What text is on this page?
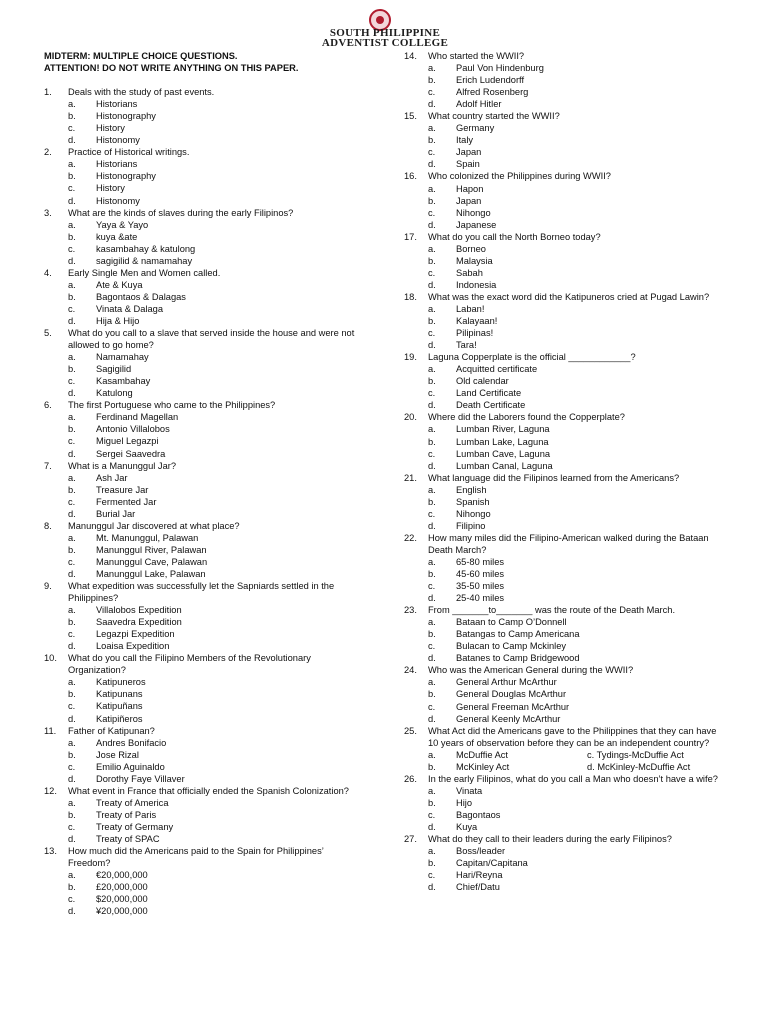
SOUTH PHILIPPINE
ADVENTIST COLLEGE
MIDTERM: MULTIPLE CHOICE QUESTIONS.
ATTENTION! DO NOT WRITE ANYTHING ON THIS PAPER.
1. Deals with the study of past events.
a. Historians
b. Histonography
c. History
d. Histonomy
2. Practice of Historical writings.
a. Historians
b. Histonography
c. History
d. Histonomy
3. What are the kinds of slaves during the early Filipinos?
a. Yaya & Yayo
b. kuya &ate
c. kasambahay & katulong
d. sagigilid & namamahay
4. Early Single Men and Women called.
a. Ate & Kuya
b. Bagontaos & Dalagas
c. Vinata & Dalaga
d. Hija & Hijo
5. What do you call to a slave that served inside the house and were not allowed to go home?
a. Namamahay
b. Sagigilid
c. Kasambahay
d. Katulong
6. The first Portuguese who came to the Philippines?
a. Ferdinand Magellan
b. Antonio Villalobos
c. Miguel Legazpi
d. Sergei Saavedra
7. What is a Manunggul Jar?
a. Ash Jar
b. Treasure Jar
c. Fermented Jar
d. Burial Jar
8. Manunggul Jar discovered at what place?
a. Mt. Manunggul, Palawan
b. Manunggul River, Palawan
c. Manunggul Cave, Palawan
d. Manunggul Lake, Palawan
9. What expedition was successfully let the Sapniards settled in the Philippines?
a. Villalobos Expedition
b. Saavedra Expedition
c. Legazpi Expedition
d. Loaisa Expedition
10. What do you call the Filipino Members of the Revolutionary Organization?
a. Katipuneros
b. Katipunans
c. Katipuñans
d. Katipiñeros
11. Father of Katipunan?
a. Andres Bonifacio
b. Jose Rizal
c. Emilio Aguinaldo
d. Dorothy Faye Villaver
12. What event in France that officially ended the Spanish Colonization?
a. Treaty of America
b. Treaty of Paris
c. Treaty of Germany
d. Treaty of SPAC
13. How much did the Americans paid to the Spain for Philippines’ Freedom?
a. €20,000,000
b. £20,000,000
c. $20,000,000
d. ¥20,000,000
14. Who started the WWII?
a. Paul Von Hindenburg
b. Erich Ludendorff
c. Alfred Rosenberg
d. Adolf Hitler
15. What country started the WWII?
a. Germany
b. Italy
c. Japan
d. Spain
16. Who colonized the Philippines during WWII?
a. Hapon
b. Japan
c. Nihongo
d. Japanese
17. What do you call the North Borneo today?
a. Borneo
b. Malaysia
c. Sabah
d. Indonesia
18. What was the exact word did the Katipuneros cried at Pugad Lawin?
a. Laban!
b. Kalayaan!
c. Pilipinas!
d. Tara!
19. Laguna Copperplate is the official ____________?
a. Acquitted certificate
b. Old calendar
c. Land Certificate
d. Death Certificate
20. Where did the Laborers found the Copperplate?
a. Lumban River, Laguna
b. Lumban Lake, Laguna
c. Lumban Cave, Laguna
d. Lumban Canal, Laguna
21. What language did the Filipinos learned from the Americans?
a. English
b. Spanish
c. Nihongo
d. Filipino
22. How many miles did the Filipino-American walked during the Bataan Death March?
a. 65-80 miles
b. 45-60 miles
c. 35-50 miles
d. 25-40 miles
23. From _______to_______ was the route of the Death March.
a. Bataan to Camp O’Donnell
b. Batangas to Camp Americana
c. Bulacan to Camp Mckinley
d. Batanes to Camp Bridgewood
24. Who was the American General during the WWII?
a. General Arthur McArthur
b. General Douglas McArthur
c. General Freeman McArthur
d. General Keenly McArthur
25. What Act did the Americans gave to the Philippines that they can have 10 years of observation before they can be an independent country?
a. McDuffie Act	c. Tydings-McDuffie Act
b. McKinley Act	d. McKinley-McDuffie Act
26. In the early Filipinos, what do you call a Man who doesn’t have a wife?
a. Vinata
b. Hijo
c. Bagontaos
d. Kuya
27. What do they call to their leaders during the early Filipinos?
a. Boss/leader
b. Capitan/Capitana
c. Hari/Reyna
d. Chief/Datu
